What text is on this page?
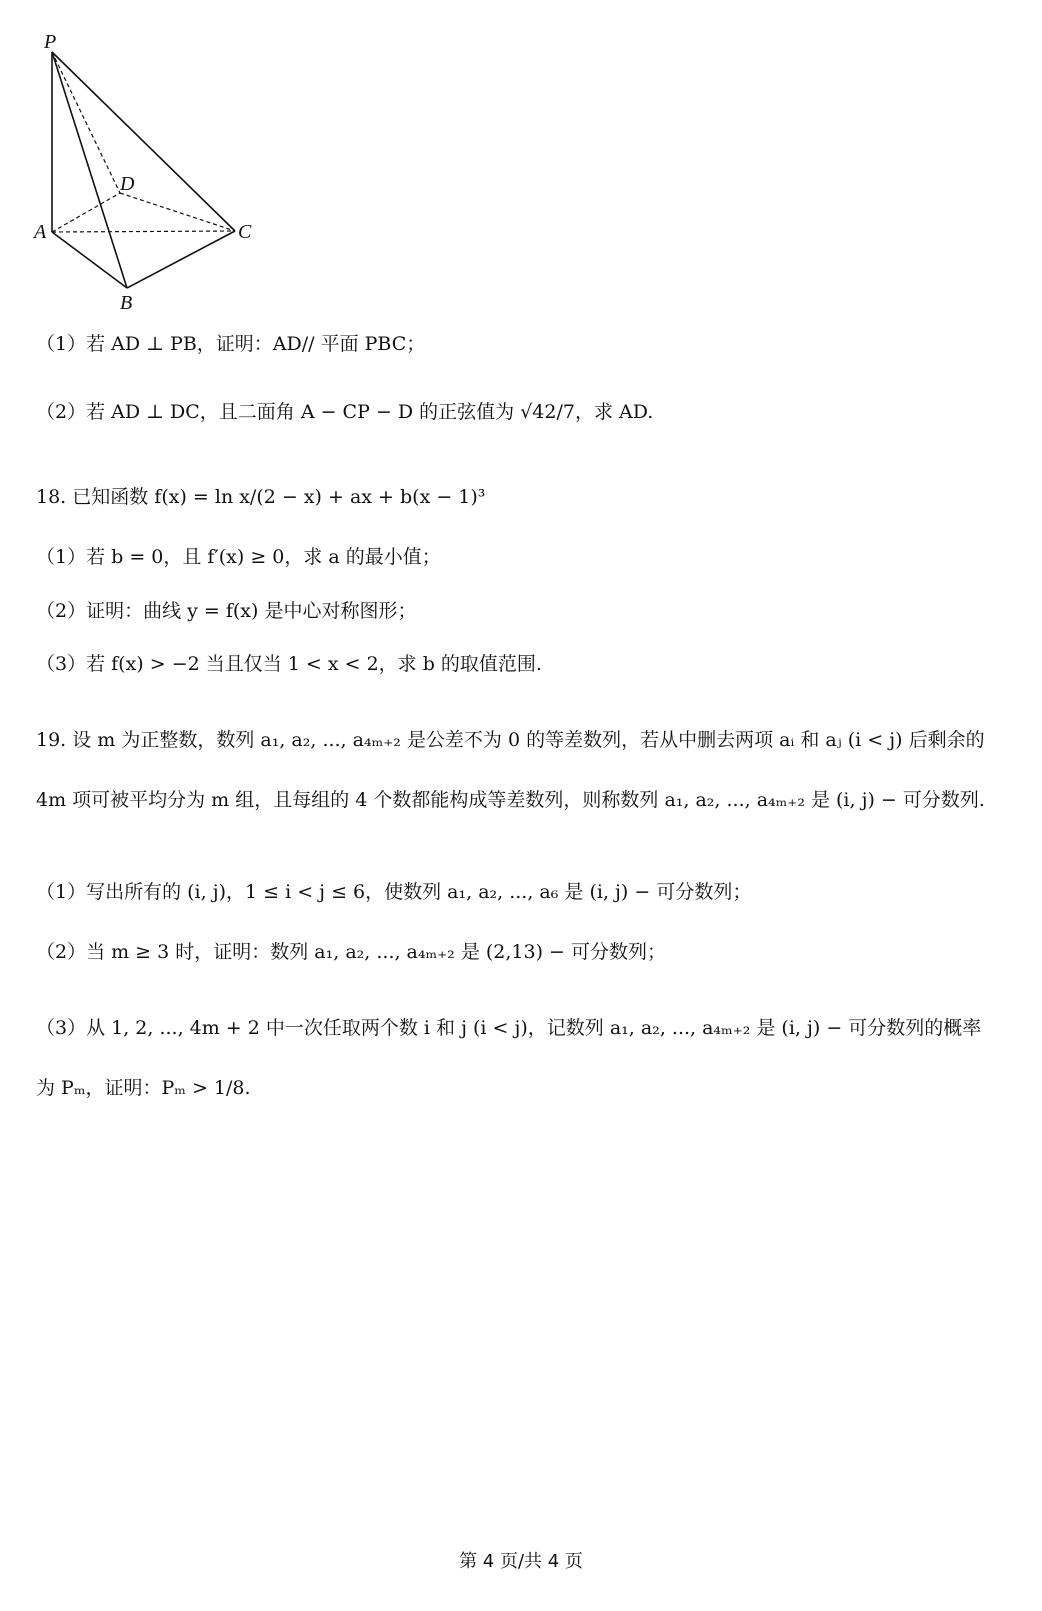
P
D
A	C
B
（1）若 AD ⊥ PB，证明：AD// 平面 PBC；
（2）若 AD ⊥ DC，且二面角 A − CP − D 的正弦值为 √42/7，求 AD.
18. 已知函数 f(x) = ln x/(2 − x) + ax + b(x − 1)³
（1）若 b = 0，且 f′(x) ≥ 0，求 a 的最小值；
（2）证明：曲线 y = f(x) 是中心对称图形；
（3）若 f(x) > −2 当且仅当 1 < x < 2，求 b 的取值范围.
19. 设 m 为正整数，数列 a₁, a₂, ..., a₄ₘ₊₂ 是公差不为 0 的等差数列，若从中删去两项 aᵢ 和 aⱼ (i < j) 后剩余的 4m 项可被平均分为 m 组，且每组的 4 个数都能构成等差数列，则称数列 a₁, a₂, ..., a₄ₘ₊₂ 是 (i, j) − 可分数列.
（1）写出所有的 (i, j)，1 ≤ i < j ≤ 6，使数列 a₁, a₂, ..., a₆ 是 (i, j) − 可分数列；
（2）当 m ≥ 3 时，证明：数列 a₁, a₂, ..., a₄ₘ₊₂ 是 (2,13) − 可分数列；
（3）从 1, 2, ..., 4m + 2 中一次任取两个数 i 和 j (i < j)，记数列 a₁, a₂, ..., a₄ₘ₊₂ 是 (i, j) − 可分数列的概率为 Pₘ，证明：Pₘ > 1/8.
第 4 页/共 4 页
